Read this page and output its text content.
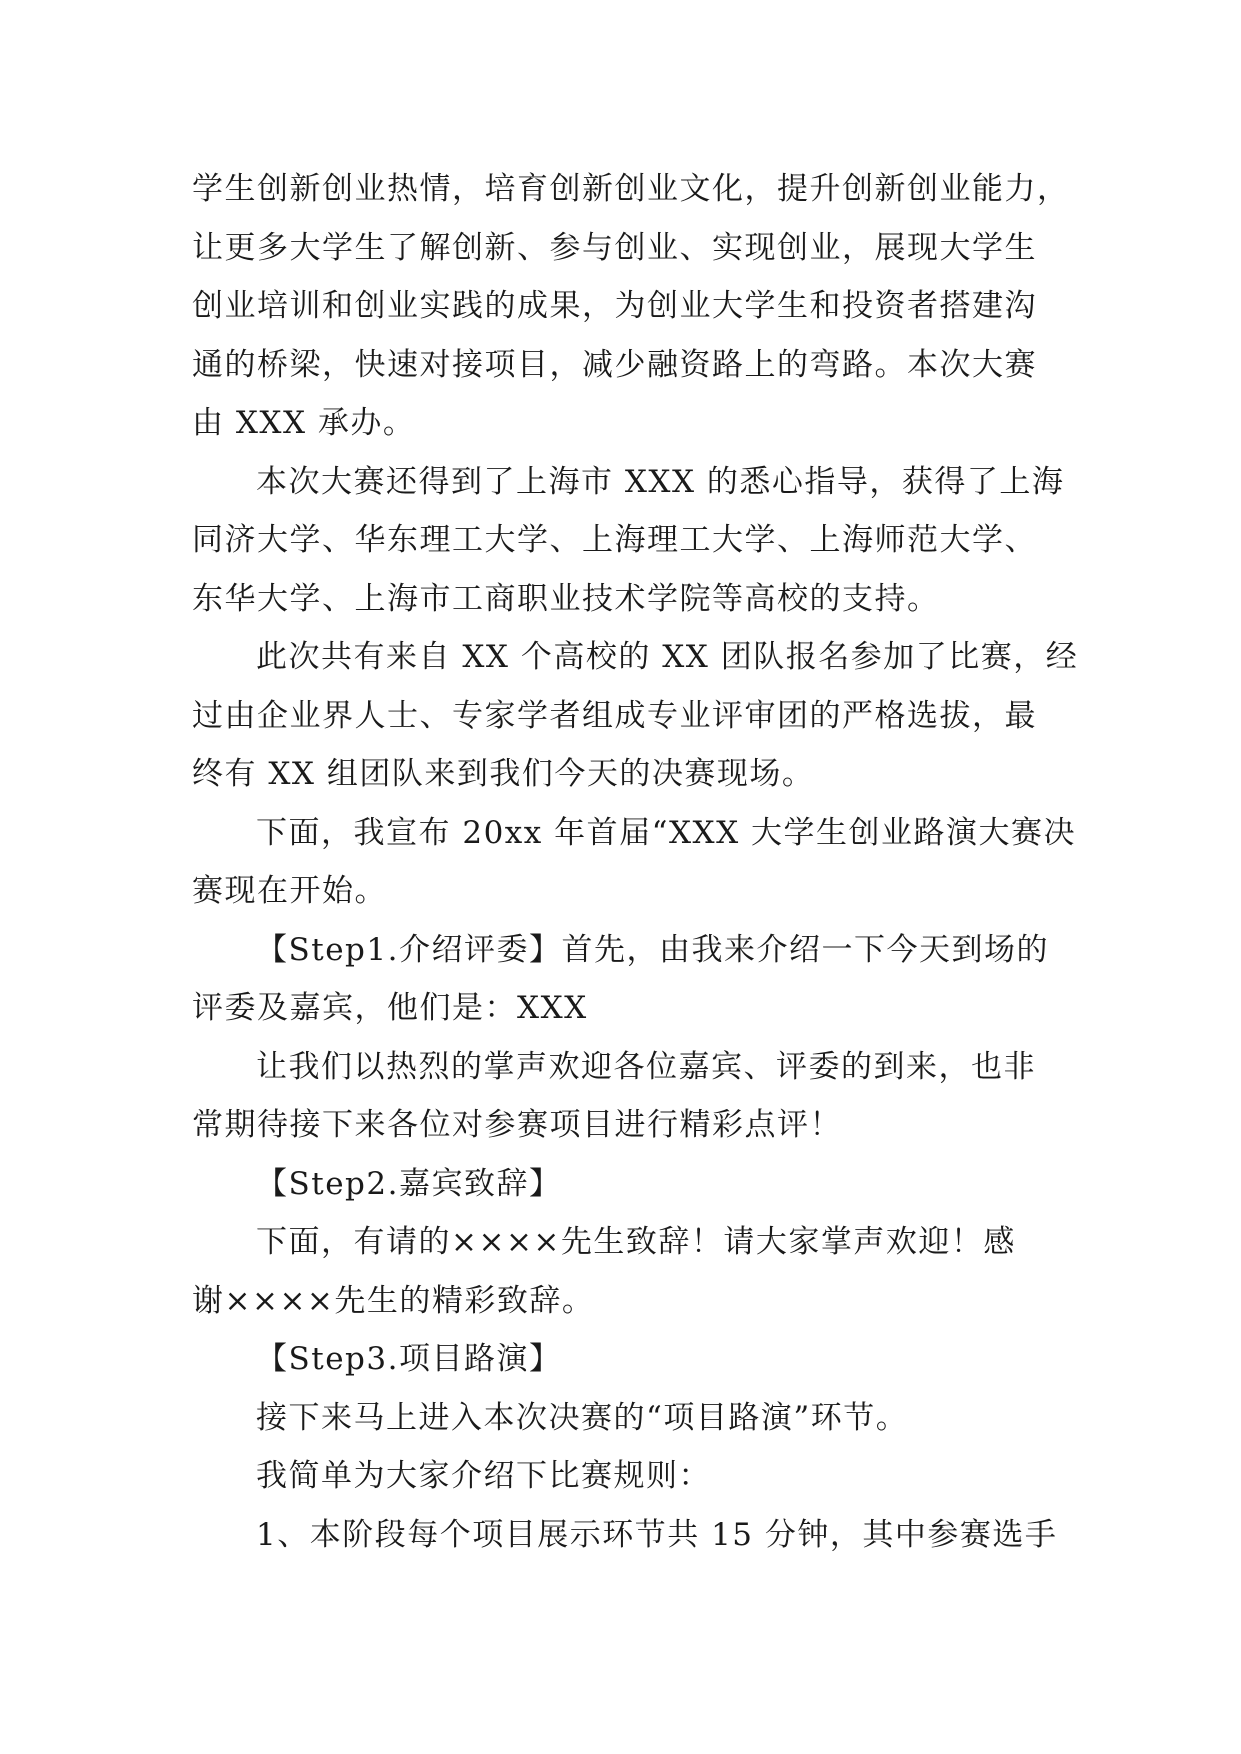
学生创新创业热情，培育创新创业文化，提升创新创业能力，
让更多大学生了解创新、参与创业、实现创业，展现大学生
创业培训和创业实践的成果，为创业大学生和投资者搭建沟
通的桥梁，快速对接项目，减少融资路上的弯路。本次大赛
由 XXX 承办。
本次大赛还得到了上海市 XXX 的悉心指导，获得了上海
同济大学、华东理工大学、上海理工大学、上海师范大学、
东华大学、上海市工商职业技术学院等高校的支持。
此次共有来自 XX 个高校的 XX 团队报名参加了比赛，经
过由企业界人士、专家学者组成专业评审团的严格选拔，最
终有 XX 组团队来到我们今天的决赛现场。
下面，我宣布 20xx 年首届“XXX 大学生创业路演大赛决
赛现在开始。
【Step1.介绍评委】首先，由我来介绍一下今天到场的
评委及嘉宾，他们是：XXX
让我们以热烈的掌声欢迎各位嘉宾、评委的到来，也非
常期待接下来各位对参赛项目进行精彩点评！
【Step2.嘉宾致辞】
下面，有请的××××先生致辞！请大家掌声欢迎！感
谢××××先生的精彩致辞。
【Step3.项目路演】
接下来马上进入本次决赛的“项目路演”环节。
我简单为大家介绍下比赛规则：
1、本阶段每个项目展示环节共 15 分钟，其中参赛选手
